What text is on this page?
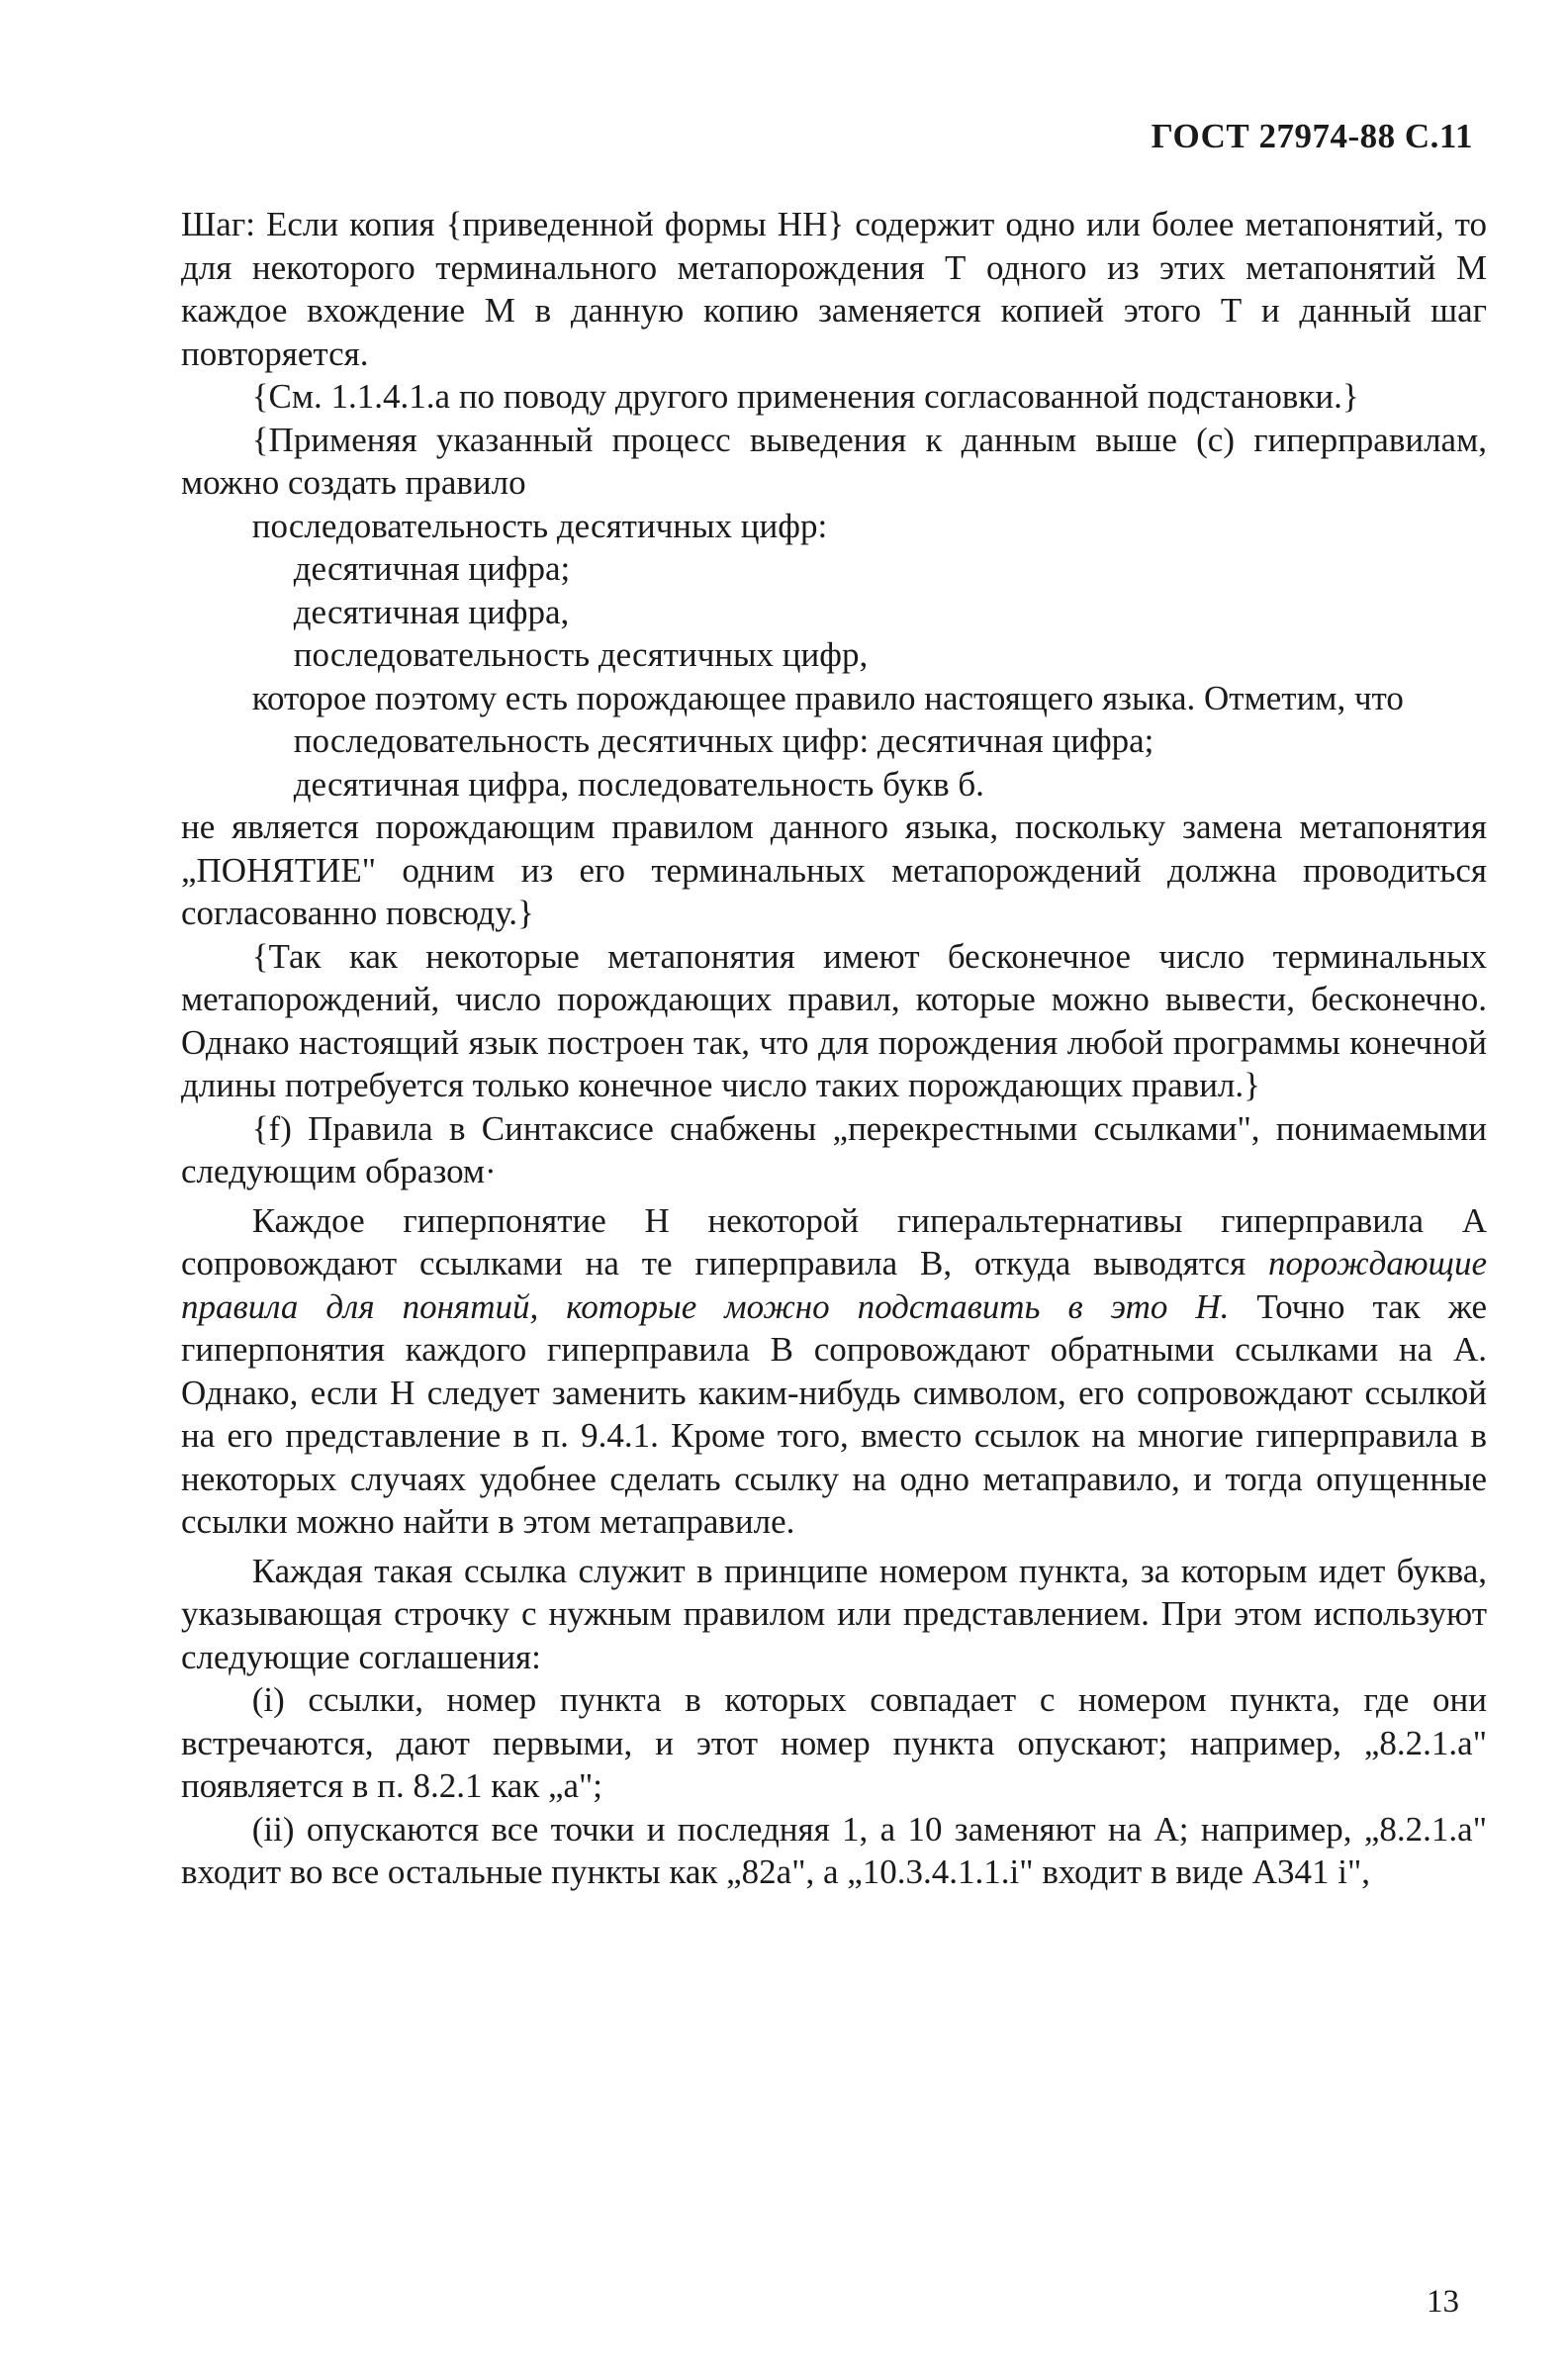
ГОСТ 27974-88 С.11

Шаг: Если копия {приведенной формы НН} содержит одно или более метапонятий, то для некоторого терминального метапорождения Т одного из этих метапонятий М каждое вхождение М в данную копию заменяется копией этого Т и данный шаг повторяется.

{См. 1.1.4.1.a по поводу другого применения согласованной подстановки.}

{Применяя указанный процесс выведения к данным выше (c) гиперправилам, можно создать правило

последовательность десятичных цифр:

десятичная цифра;

десятичная цифра,

последовательность десятичных цифр,

которое поэтому есть порождающее правило настоящего языка. Отметим, что

последовательность десятичных цифр: десятичная цифра;

десятичная цифра, последовательность букв б.

не является порождающим правилом данного языка, поскольку замена метапонятия „ПОНЯТИЕ" одним из его терминальных метапорождений должна проводиться согласованно повсюду.}

{Так как некоторые метапонятия имеют бесконечное число терминальных метапорождений, число порождающих правил, которые можно вывести, бесконечно. Однако настоящий язык построен так, что для порождения любой программы конечной длины потребуется только конечное число таких порождающих правил.}

{f) Правила в Синтаксисе снабжены „перекрестными ссылками", понимаемыми следующим образом·

Каждое гиперпонятие Н некоторой гиперальтернативы гиперправила А сопровождают ссылками на те гиперправила В, откуда выводятся порождающие правила для понятий, которые можно подставить в это Н. Точно так же гиперпонятия каждого гиперправила В сопровождают обратными ссылками на А. Однако, если Н следует заменить каким-нибудь символом, его сопровождают ссылкой на его представление в п. 9.4.1. Кроме того, вместо ссылок на многие гиперправила в некоторых случаях удобнее сделать ссылку на одно метаправило, и тогда опущенные ссылки можно найти в этом метаправиле.

Каждая такая ссылка служит в принципе номером пункта, за которым идет буква, указывающая строчку с нужным правилом или представлением. При этом используют следующие соглашения:

(i) ссылки, номер пункта в которых совпадает с номером пункта, где они встречаются, дают первыми, и этот номер пункта опускают; например, „8.2.1.a" появляется в п. 8.2.1 как „a";

(ii) опускаются все точки и последняя 1, а 10 заменяют на А; например, „8.2.1.a" входит во все остальные пункты как „82a", а „10.3.4.1.1.i" входит в виде А341 i",

13
